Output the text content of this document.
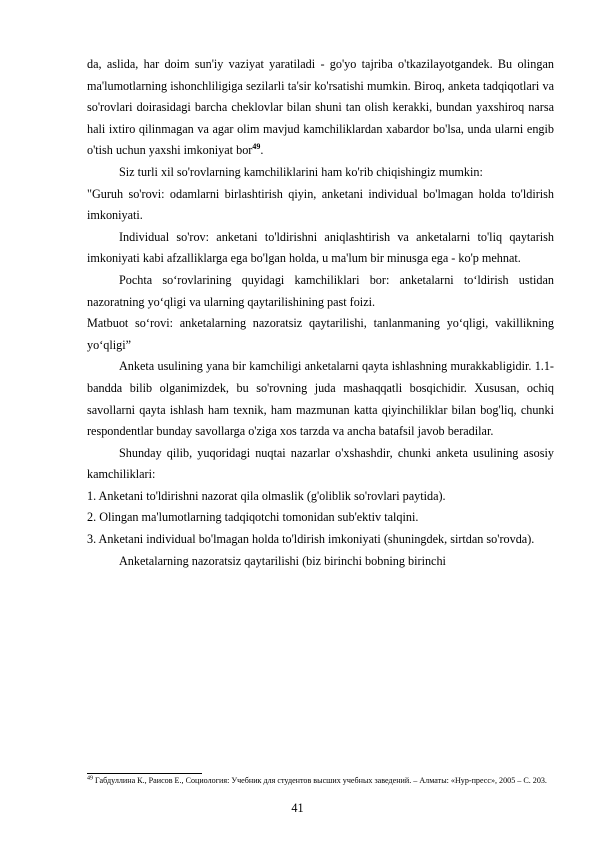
da, aslida, har doim sun'iy vaziyat yaratiladi - go'yo tajriba o'tkazilayotgandek. Bu olingan ma'lumotlarning ishonchliligiga sezilarli ta'sir ko'rsatishi mumkin. Biroq, anketa tadqiqotlari va so'rovlari doirasidagi barcha cheklovlar bilan shuni tan olish kerakki, bundan yaxshiroq narsa hali ixtiro qilinmagan va agar olim mavjud kamchiliklardan xabardor bo'lsa, unda ularni engib o'tish uchun yaxshi imkoniyat bor$^{49}$.

Siz turli xil so'rovlarning kamchiliklarini ham ko'rib chiqishingiz mumkin:

"Guruh so'rovi: odamlarni birlashtirish qiyin, anketani individual bo'lmagan holda to'ldirish imkoniyati.

Individual so'rov: anketani to'ldirishni aniqlashtirish va anketalarni to'liq qaytarish imkoniyati kabi afzalliklarga ega bo'lgan holda, u ma'lum bir minusga ega - ko'p mehnat.

Pochta so‘rovlarining quyidagi kamchiliklari bor: anketalarni to‘ldirish ustidan nazoratning yo‘qligi va ularning qaytarilishining past foizi.

Matbuot so‘rovi: anketalarning nazoratsiz qaytarilishi, tanlanmaning yo‘qligi, vakillikning yo‘qligi”

Anketa usulining yana bir kamchiligi anketalarni qayta ishlashning murakkabligidir. 1.1-bandda bilib olganimizdek, bu so'rovning juda mashaqqatli bosqichidir. Xususan, ochiq savollarni qayta ishlash ham texnik, ham mazmunan katta qiyinchiliklar bilan bog'liq, chunki respondentlar bunday savollarga o'ziga xos tarzda va ancha batafsil javob beradilar.

Shunday qilib, yuqoridagi nuqtai nazarlar o'xshashdir, chunki anketa usulining asosiy kamchiliklari:

1. Anketani to'ldirishni nazorat qila olmaslik (g'oliblik so'rovlari paytida).

2. Olingan ma'lumotlarning tadqiqotchi tomonidan sub'ektiv talqini.

3. Anketani individual bo'lmagan holda to'ldirish imkoniyati (shuningdek, sirtdan so'rovda).

Anketalarning nazoratsiz qaytarilishi (biz birinchi bobning birinchi

$^{49}$ Габдуллина К., Раисов Е., Социология: Учебник для студентов высших учебных заведений. – Алматы: «Нур-пресс», 2005 – С. 203.
41
